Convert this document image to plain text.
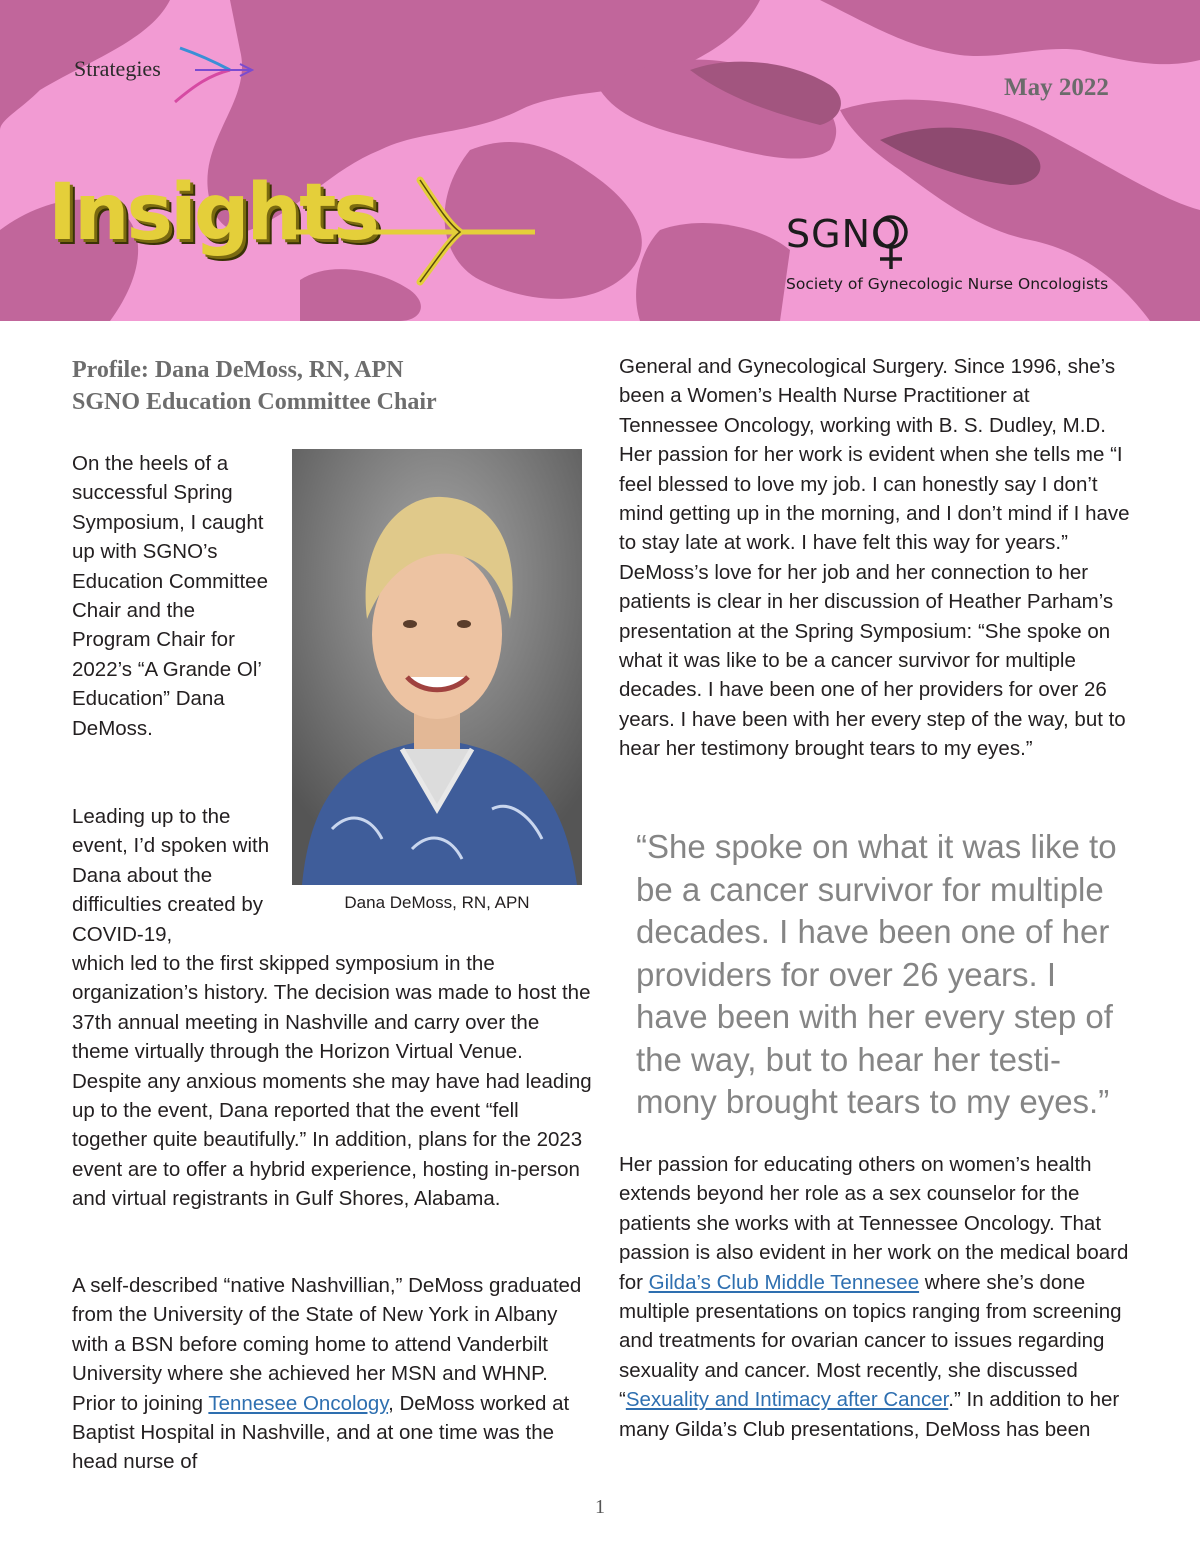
Strategies
May 2022
Insights	SGNO
Society of Gynecologic Nurse Oncologists

Profile: Dana DeMoss, RN, APN

SGNO Education Committee Chair

On the heels of a successful Spring Symposium, I caught up with SGNO’s Education Committee Chair and the Program Chair for 2022’s “A Grande Ol’ Education” Dana DeMoss.

Dana DeMoss, RN, APN

Leading up to the event, I’d spoken with Dana about the difficulties created by COVID-19,

which led to the first skipped symposium in the organization’s history. The decision was made to host the 37th annual meeting in Nashville and carry over the theme virtually through the Horizon Virtual Venue. Despite any anxious moments she may have had leading up to the event, Dana reported that the event “fell together quite beautifully.” In addition, plans for the 2023 event are to offer a hybrid experience, hosting in-person and virtual registrants in Gulf Shores, Alabama.

A self-described “native Nashvillian,” DeMoss graduated from the University of the State of New York in Albany with a BSN before coming home to attend Vanderbilt University where she achieved her MSN and WHNP. Prior to joining Tennesee Oncology, DeMoss worked at Baptist Hospital in Nashville, and at one time was the head nurse of

General and Gynecological Surgery. Since 1996, she’s been a Women’s Health Nurse Practitioner at Tennessee Oncology, working with B. S. Dudley, M.D. Her passion for her work is evident when she tells me “I feel blessed to love my job. I can honestly say I don’t mind getting up in the morning, and I don’t mind if I have to stay late at work. I have felt this way for years.” DeMoss’s love for her job and her connection to her patients is clear in her discussion of Heather Parham’s presentation at the Spring Symposium: “She spoke on what it was like to be a cancer survivor for multiple decades. I have been one of her providers for over 26 years. I have been with her every step of the way, but to hear her testimony brought tears to my eyes.”

“She spoke on what it was like to be a cancer survivor for multiple decades. I have been one of her providers for over 26 years. I have been with her every step of the way, but to hear her testi-mony brought tears to my eyes.”

Her passion for educating others on women’s health extends beyond her role as a sex counselor for the patients she works with at Tennessee Oncology. That passion is also evident in her work on the medical board for Gilda’s Club Middle Tennesee where she’s done multiple presentations on topics ranging from screening and treatments for ovarian cancer to issues regarding sexuality and cancer. Most recently, she discussed “Sexuality and Intimacy after Cancer.” In addition to her many Gilda’s Club presentations, DeMoss has been

1
